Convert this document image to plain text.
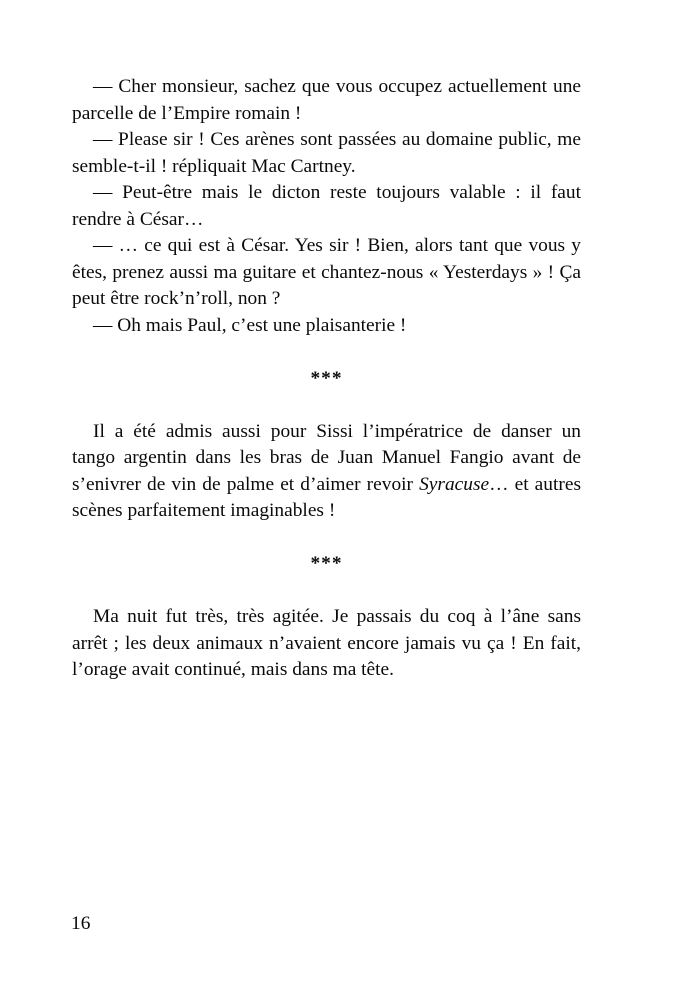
— Cher monsieur, sachez que vous occupez actuellement une
parcelle de l’Empire romain !
— Please sir ! Ces arènes sont passées au domaine public, me
semble-t-il ! répliquait Mac Cartney.
— Peut-être mais le dicton reste toujours valable : il faut
rendre à César…
— … ce qui est à César. Yes sir ! Bien, alors tant que vous y
êtes, prenez aussi ma guitare et chantez-nous « Yesterdays » ! Ça
peut être rock’n’roll, non ?
— Oh mais Paul, c’est une plaisanterie !
***
Il a été admis aussi pour Sissi l’impératrice de danser un
tango argentin dans les bras de Juan Manuel Fangio avant de
s’enivrer de vin de palme et d’aimer revoir Syracuse… et autres
scènes parfaitement imaginables !
***
Ma nuit fut très, très agitée. Je passais du coq à l’âne sans
arrêt ; les deux animaux n’avaient encore jamais vu ça ! En fait,
l’orage avait continué, mais dans ma tête.
16
